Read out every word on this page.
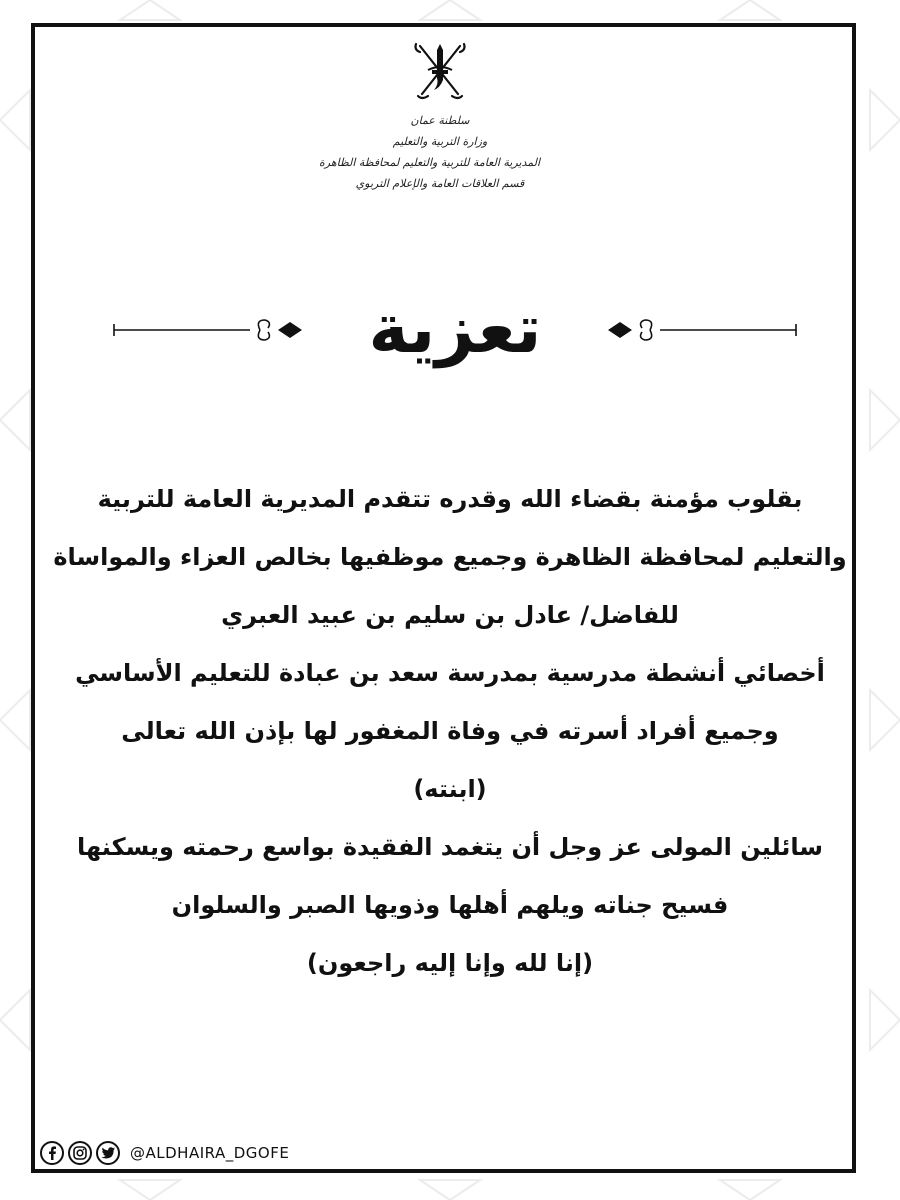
سلطنة عمان
وزارة التربية والتعليم
المديرية العامة للتربية والتعليم لمحافظة الظاهرة
قسم العلاقات العامة والإعلام التربوي
تعزية
بقلوب مؤمنة بقضاء الله وقدره تتقدم المديرية العامة للتربية
والتعليم لمحافظة الظاهرة وجميع موظفيها بخالص العزاء والمواساة
للفاضل/ عادل بن سليم بن عبيد العبري
أخصائي أنشطة مدرسية بمدرسة سعد بن عبادة للتعليم الأساسي
وجميع أفراد أسرته في وفاة المغفور لها بإذن الله تعالى
(ابنته)
سائلين المولى عز وجل أن يتغمد الفقيدة بواسع رحمته ويسكنها
فسيح جناته ويلهم أهلها وذويها الصبر والسلوان
(إنا لله وإنا إليه راجعون)
@ALDHAIRA_DGOFE
